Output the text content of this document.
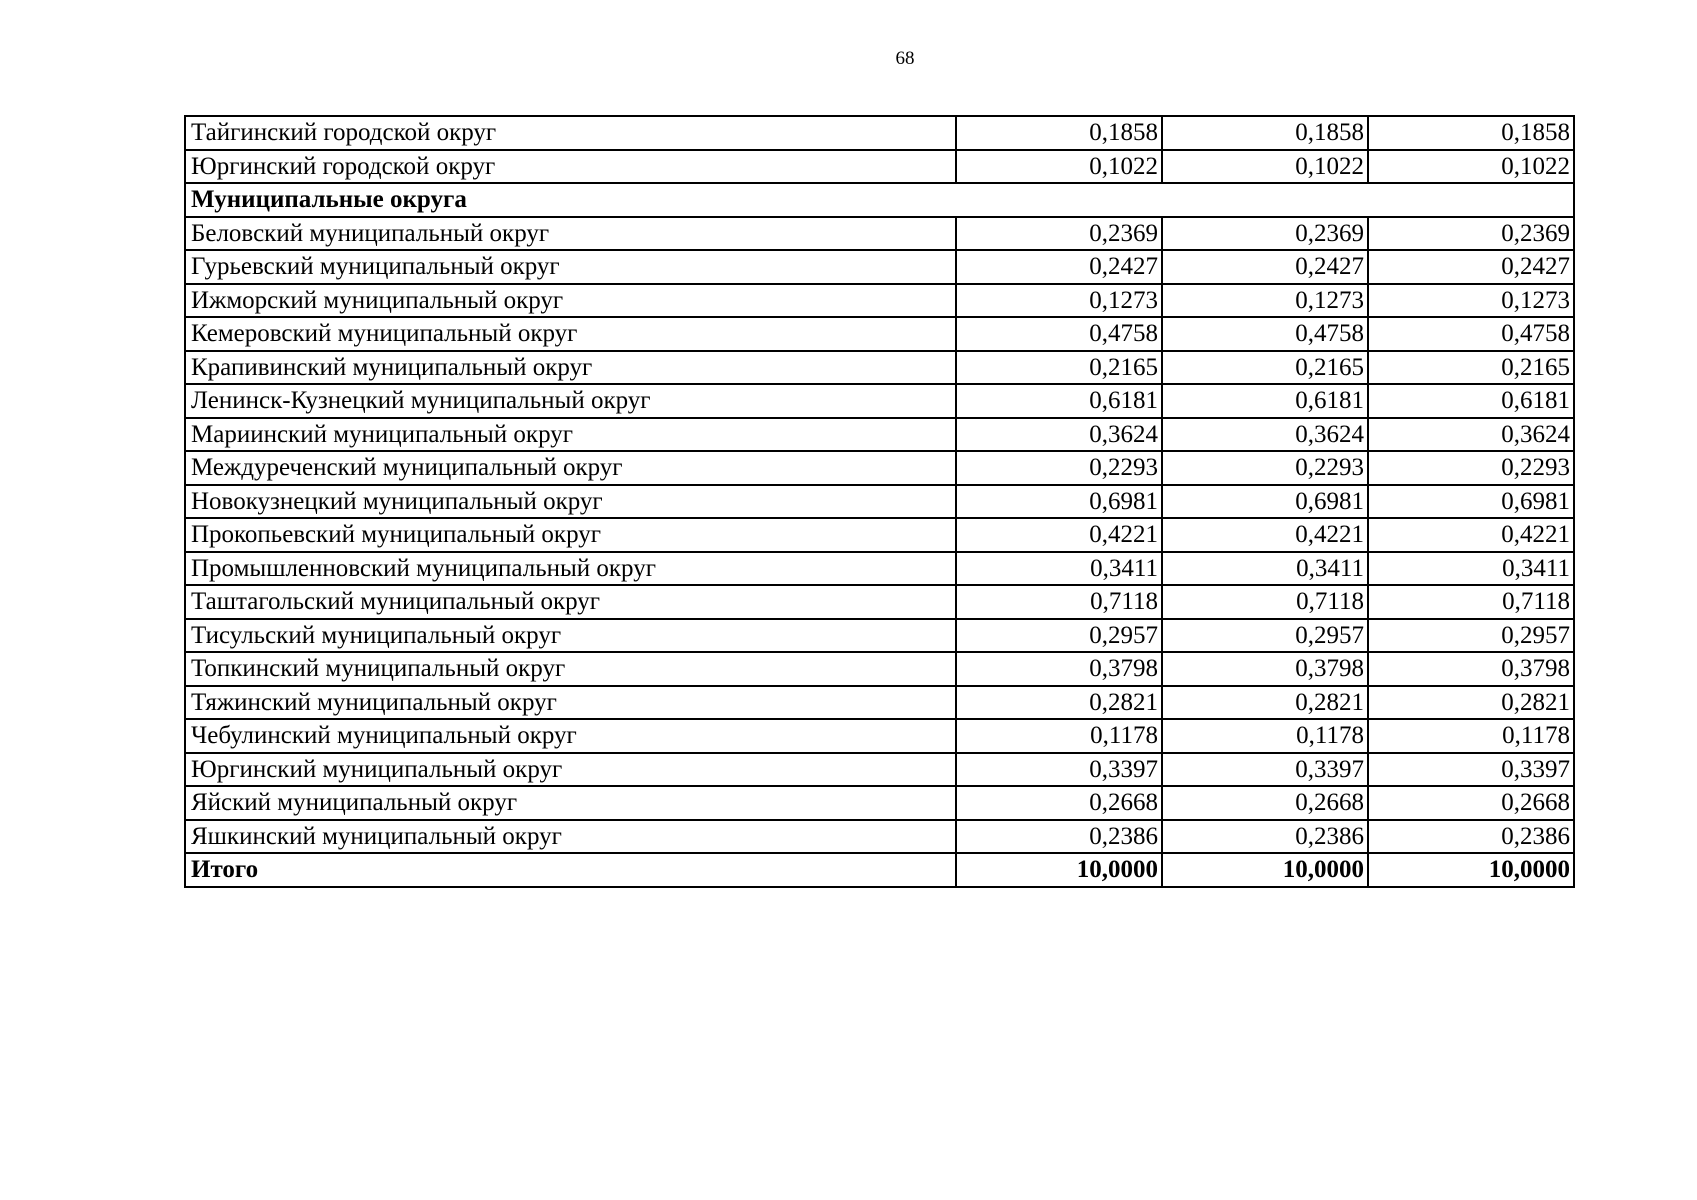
68
Тайгинский городской округ	0,1858	0,1858	0,1858
Юргинский городской округ	0,1022	0,1022	0,1022
Муниципальные округа			
Беловский муниципальный округ	0,2369	0,2369	0,2369
Гурьевский муниципальный округ	0,2427	0,2427	0,2427
Ижморский муниципальный округ	0,1273	0,1273	0,1273
Кемеровский муниципальный округ	0,4758	0,4758	0,4758
Крапивинский муниципальный округ	0,2165	0,2165	0,2165
Ленинск-Кузнецкий муниципальный округ	0,6181	0,6181	0,6181
Мариинский муниципальный округ	0,3624	0,3624	0,3624
Междуреченский муниципальный округ	0,2293	0,2293	0,2293
Новокузнецкий муниципальный округ	0,6981	0,6981	0,6981
Прокопьевский муниципальный округ	0,4221	0,4221	0,4221
Промышленновский муниципальный округ	0,3411	0,3411	0,3411
Таштагольский муниципальный округ	0,7118	0,7118	0,7118
Тисульский муниципальный округ	0,2957	0,2957	0,2957
Топкинский муниципальный округ	0,3798	0,3798	0,3798
Тяжинский муниципальный округ	0,2821	0,2821	0,2821
Чебулинский муниципальный округ	0,1178	0,1178	0,1178
Юргинский муниципальный округ	0,3397	0,3397	0,3397
Яйский муниципальный округ	0,2668	0,2668	0,2668
Яшкинский муниципальный округ	0,2386	0,2386	0,2386
Итого	10,0000	10,0000	10,0000
